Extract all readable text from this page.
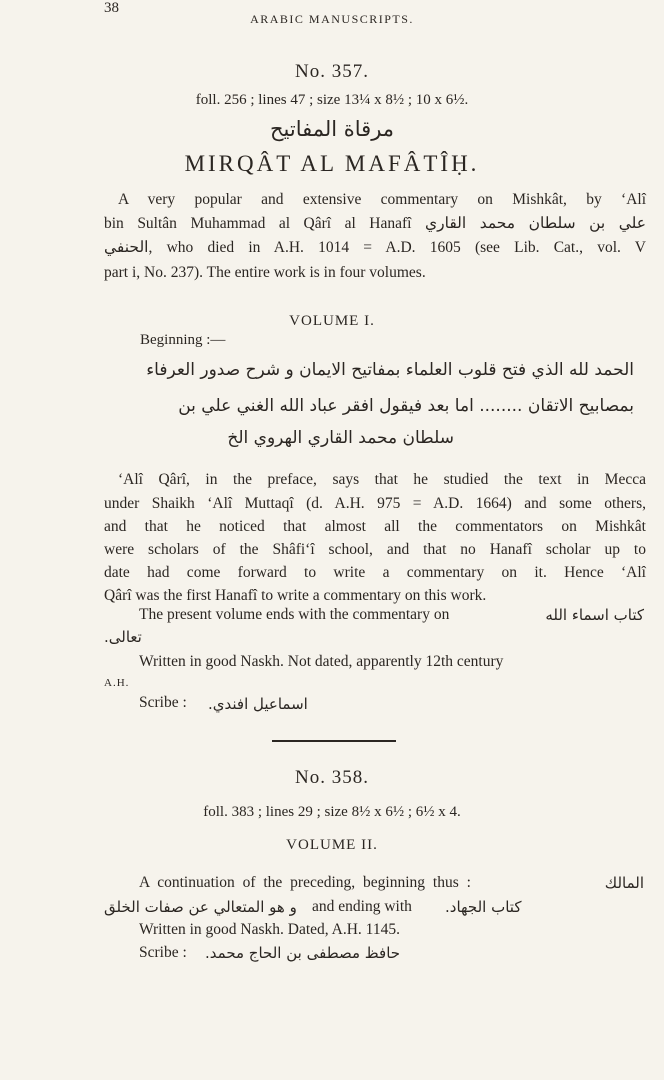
38
ARABIC MANUSCRIPTS.
No. 357.
foll. 256 ; lines 47 ; size 13¼ x 8½ ; 10 x 6½.
مرقاة المفاتيح
MIRQÂT AL MAFÂTÎḤ.
A very popular and extensive commentary on Mishkât, by ‘Alî
bin Sultân Muhammad al Qârî al Hanafî علي بن سلطان محمد القاري
الحنفي, who died in A.H. 1014 = A.D. 1605 (see Lib. Cat., vol. V
part i, No. 237). The entire work is in four volumes.
VOLUME I.
Beginning :—
الحمد لله الذي فتح قلوب العلماء بمفاتيح الايمان و شرح صدور العرفاء
بمصابيح الاتقان ........ اما بعد فيقول افقر عباد الله الغني علي بن
سلطان محمد القاري الهروي الخ
‘Alî Qârî, in the preface, says that he studied the text in Mecca
under Shaikh ‘Alî Muttaqî (d. A.H. 975 = A.D. 1664) and some others,
and that he noticed that almost all the commentators on Mishkât
were scholars of the Shâfi‘î school, and that no Hanafî scholar up to
date had come forward to write a commentary on it. Hence ‘Alî
Qârî was the first Hanafî to write a commentary on this work.
The present volume ends with the commentary on	كتاب اسماء الله
تعالى.
Written in good Naskh. Not dated, apparently 12th century
A.H.
Scribe : اسماعيل افندي.
No. 358.
foll. 383 ; lines 29 ; size 8½ x 6½ ; 6½ x 4.
VOLUME II.
A continuation of the preceding, beginning thus :	المالك
و هو المتعالي عن صفات الخلق and ending with كتاب الجهاد.
Written in good Naskh. Dated, A.H. 1145.
Scribe : حافظ مصطفى بن الحاج محمد.
